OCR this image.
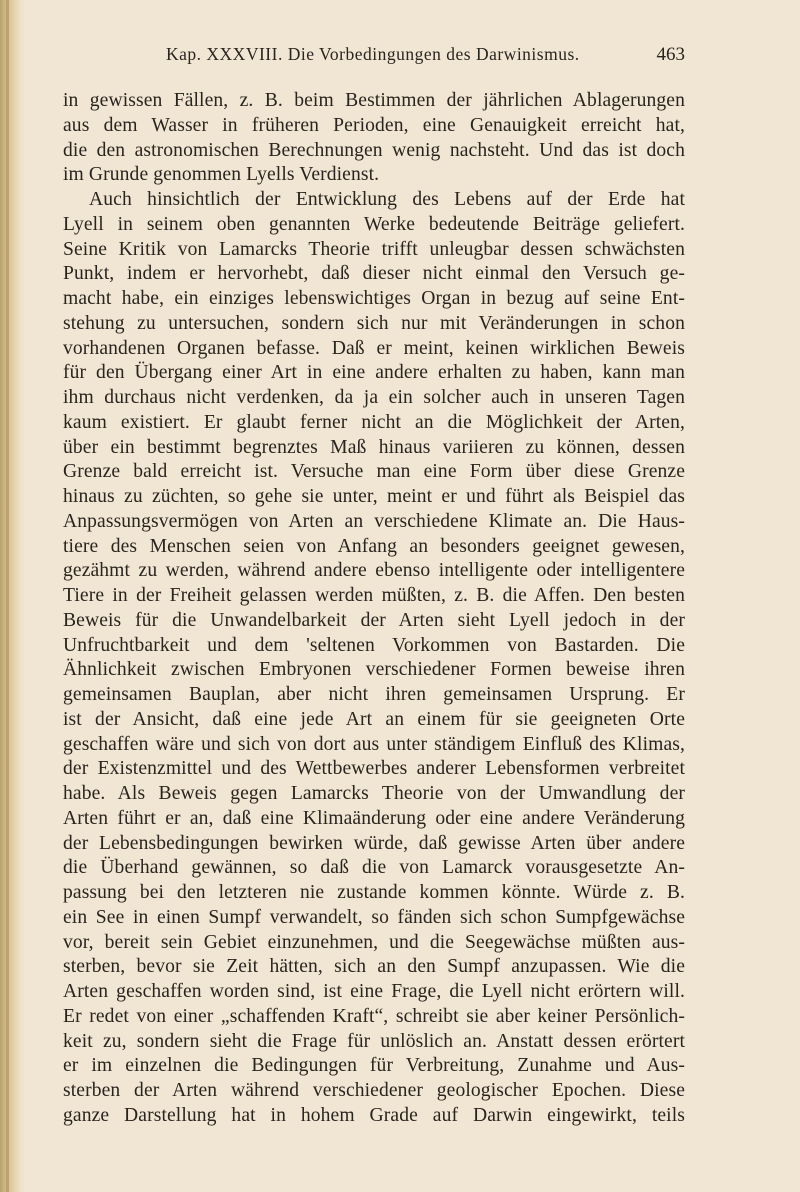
Kap. XXXVIII. Die Vorbedingungen des Darwinismus.	463
in gewissen Fällen, z. B. beim Bestimmen der jährlichen Ablagerungen
aus dem Wasser in früheren Perioden, eine Genauigkeit erreicht hat,
die den astronomischen Berechnungen wenig nachsteht. Und das ist doch
im Grunde genommen Lyells Verdienst.
Auch hinsichtlich der Entwicklung des Lebens auf der Erde hat
Lyell in seinem oben genannten Werke bedeutende Beiträge geliefert.
Seine Kritik von Lamarcks Theorie trifft unleugbar dessen schwächsten
Punkt, indem er hervorhebt, daß dieser nicht einmal den Versuch ge-
macht habe, ein einziges lebenswichtiges Organ in bezug auf seine Ent-
stehung zu untersuchen, sondern sich nur mit Veränderungen in schon
vorhandenen Organen befasse. Daß er meint, keinen wirklichen Beweis
für den Übergang einer Art in eine andere erhalten zu haben, kann man
ihm durchaus nicht verdenken, da ja ein solcher auch in unseren Tagen
kaum existiert. Er glaubt ferner nicht an die Möglichkeit der Arten,
über ein bestimmt begrenztes Maß hinaus variieren zu können, dessen
Grenze bald erreicht ist. Versuche man eine Form über diese Grenze
hinaus zu züchten, so gehe sie unter, meint er und führt als Beispiel das
Anpassungsvermögen von Arten an verschiedene Klimate an. Die Haus-
tiere des Menschen seien von Anfang an besonders geeignet gewesen,
gezähmt zu werden, während andere ebenso intelligente oder intelligentere
Tiere in der Freiheit gelassen werden müßten, z. B. die Affen. Den besten
Beweis für die Unwandelbarkeit der Arten sieht Lyell jedoch in der
Unfruchtbarkeit und dem 'seltenen Vorkommen von Bastarden. Die
Ähnlichkeit zwischen Embryonen verschiedener Formen beweise ihren
gemeinsamen Bauplan, aber nicht ihren gemeinsamen Ursprung. Er
ist der Ansicht, daß eine jede Art an einem für sie geeigneten Orte
geschaffen wäre und sich von dort aus unter ständigem Einfluß des Klimas,
der Existenzmittel und des Wettbewerbes anderer Lebensformen verbreitet
habe. Als Beweis gegen Lamarcks Theorie von der Umwandlung der
Arten führt er an, daß eine Klimaänderung oder eine andere Veränderung
der Lebensbedingungen bewirken würde, daß gewisse Arten über andere
die Überhand gewännen, so daß die von Lamarck vorausgesetzte An-
passung bei den letzteren nie zustande kommen könnte. Würde z. B.
ein See in einen Sumpf verwandelt, so fänden sich schon Sumpfgewächse
vor, bereit sein Gebiet einzunehmen, und die Seegewächse müßten aus-
sterben, bevor sie Zeit hätten, sich an den Sumpf anzupassen. Wie die
Arten geschaffen worden sind, ist eine Frage, die Lyell nicht erörtern will.
Er redet von einer „schaffenden Kraft“, schreibt sie aber keiner Persönlich-
keit zu, sondern sieht die Frage für unlöslich an. Anstatt dessen erörtert
er im einzelnen die Bedingungen für Verbreitung, Zunahme und Aus-
sterben der Arten während verschiedener geologischer Epochen. Diese
ganze Darstellung hat in hohem Grade auf Darwin eingewirkt, teils
